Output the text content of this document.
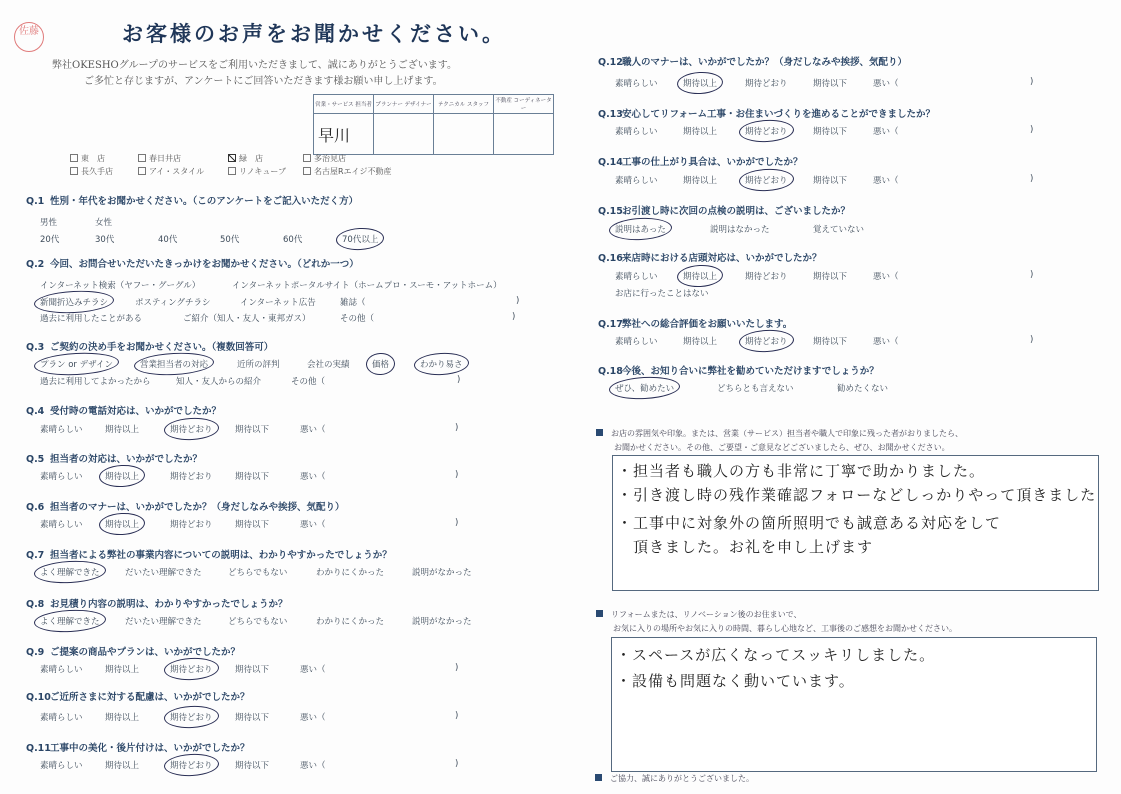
佐藤	お客様のお声をお聞かせください。
弊社OKESHOグループのサービスをご利用いただきまして、誠にありがとうございます。
ご多忙と存じますが、アンケートにご回答いただきます様お願い申し上げます。
営業・サービス 担当者	プランナー デザイナー	テクニカル スタッフ	不動産 コーディネーター
早川			
お店の雰囲気や印象。または、営業（サービス）担当者や職人で印象に残った者がおりましたら、
お聞かせください。その他、ご要望・ご意見などございましたら、ぜひ、お聞かせください。
・担当者も職人の方も非常に丁寧で助かりました。
・引き渡し時の残作業確認フォローなどしっかりやって頂きました
・工事中に対象外の箇所照明でも誠意ある対応をして
　頂きました。お礼を申し上げます
リフォームまたは、リノベーション後のお住まいで、
お気に入りの場所やお気に入りの時間、暮らし心地など、工事後のご感想をお聞かせください。
・スペースが広くなってスッキリしました。
・設備も問題なく動いています。
ご協力、誠にありがとうございました。
東　店	春日井店	緑　店	多治見店
長久手店	アイ・スタイル	リノキューブ	名古屋Rエイジ不動産
Q.1 性別・年代をお聞かせください。（このアンケートをご記入いただく方）
男性	女性
20代	30代	40代	50代	60代	70代以上
Q.2 今回、お問合せいただいたきっかけをお聞かせください。（どれか一つ）
インターネット検索（ヤフー・グーグル）	インターネットポータルサイト（ホームプロ・スーモ・アットホーム）
新聞折込みチラシ	ポスティングチラシ	インターネット広告	雑誌（	)
過去に利用したことがある	ご紹介（知人・友人・東邦ガス）	その他（	)
Q.3 ご契約の決め手をお聞かせください。（複数回答可）
プラン or デザイン	営業担当者の対応	近所の評判	会社の実績	価格	わかり易さ
過去に利用してよかったから	知人・友人からの紹介	その他（	)
Q.4 受付時の電話対応は、いかがでしたか？
素晴らしい	期待以上	期待どおり	期待以下	悪い（	)
Q.5 担当者の対応は、いかがでしたか？
素晴らしい	期待以上	期待どおり	期待以下	悪い（	)
Q.6 担当者のマナーは、いかがでしたか？（身だしなみや挨拶、気配り）
素晴らしい	期待以上	期待どおり	期待以下	悪い（	)
Q.7 担当者による弊社の事業内容についての説明は、わかりやすかったでしょうか？
よく理解できた	だいたい理解できた	どちらでもない	わかりにくかった	説明がなかった
Q.8 お見積り内容の説明は、わかりやすかったでしょうか？
よく理解できた	だいたい理解できた	どちらでもない	わかりにくかった	説明がなかった
Q.9 ご提案の商品やプランは、いかがでしたか？
素晴らしい	期待以上	期待どおり	期待以下	悪い（	)
Q.10ご近所さまに対する配慮は、いかがでしたか？
素晴らしい	期待以上	期待どおり	期待以下	悪い（	)
Q.11工事中の美化・後片付けは、いかがでしたか？
素晴らしい	期待以上	期待どおり	期待以下	悪い（	)
Q.12職人のマナーは、いかがでしたか？（身だしなみや挨拶、気配り）
素晴らしい	期待以上	期待どおり	期待以下	悪い（	)
Q.13安心してリフォーム工事・お住まいづくりを進めることができましたか？
素晴らしい	期待以上	期待どおり	期待以下	悪い（	)
Q.14工事の仕上がり具合は、いかがでしたか？
素晴らしい	期待以上	期待どおり	期待以下	悪い（	)
Q.15お引渡し時に次回の点検の説明は、ございましたか？
説明はあった	説明はなかった	覚えていない
Q.16来店時における店頭対応は、いかがでしたか？
素晴らしい	期待以上	期待どおり	期待以下	悪い（	)
お店に行ったことはない
Q.17弊社への総合評価をお願いいたします。
素晴らしい	期待以上	期待どおり	期待以下	悪い（	)
Q.18今後、お知り合いに弊社を勧めていただけますでしょうか？
ぜひ、勧めたい	どちらとも言えない	勧めたくない
